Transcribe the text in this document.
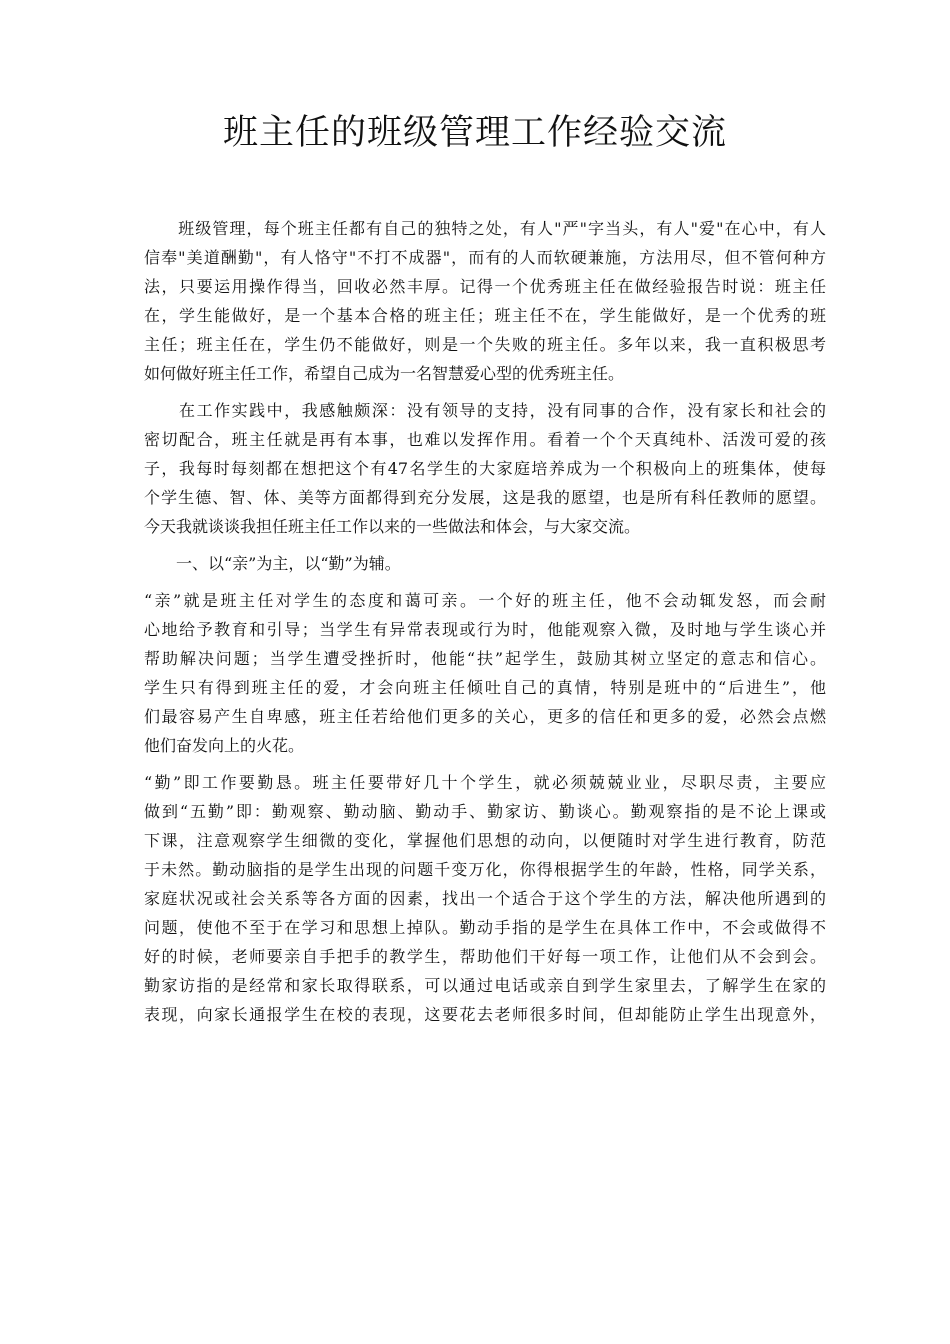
班主任的班级管理工作经验交流
　　班级管理，每个班主任都有自己的独特之处，有人"严"字当头，有人"爱"在心中，有人
信奉"美道酬勤"，有人恪守"不打不成器"，而有的人而软硬兼施，方法用尽，但不管何种方
法，只要运用操作得当，回收必然丰厚。记得一个优秀班主任在做经验报告时说：班主任
在，学生能做好，是一个基本合格的班主任；班主任不在，学生能做好，是一个优秀的班
主任；班主任在，学生仍不能做好，则是一个失败的班主任。多年以来，我一直积极思考
如何做好班主任工作，希望自己成为一名智慧爱心型的优秀班主任。
　　在工作实践中，我感触颇深：没有领导的支持，没有同事的合作，没有家长和社会的
密切配合，班主任就是再有本事，也难以发挥作用。看着一个个天真纯朴、活泼可爱的孩
子，我每时每刻都在想把这个有47名学生的大家庭培养成为一个积极向上的班集体，使每
个学生德、智、体、美等方面都得到充分发展，这是我的愿望，也是所有科任教师的愿望。
今天我就谈谈我担任班主任工作以来的一些做法和体会，与大家交流。
　　一、以“亲”为主，以“勤”为辅。
“亲”就是班主任对学生的态度和蔼可亲。一个好的班主任，他不会动辄发怒，而会耐
心地给予教育和引导；当学生有异常表现或行为时，他能观察入微，及时地与学生谈心并
帮助解决问题；当学生遭受挫折时，他能“扶”起学生，鼓励其树立坚定的意志和信心。
学生只有得到班主任的爱，才会向班主任倾吐自己的真情，特别是班中的“后进生”，他
们最容易产生自卑感，班主任若给他们更多的关心，更多的信任和更多的爱，必然会点燃
他们奋发向上的火花。
“勤”即工作要勤恳。班主任要带好几十个学生，就必须兢兢业业，尽职尽责，主要应
做到“五勤”即：勤观察、勤动脑、勤动手、勤家访、勤谈心。勤观察指的是不论上课或
下课，注意观察学生细微的变化，掌握他们思想的动向，以便随时对学生进行教育，防范
于未然。勤动脑指的是学生出现的问题千变万化，你得根据学生的年龄，性格，同学关系，
家庭状况或社会关系等各方面的因素，找出一个适合于这个学生的方法，解决他所遇到的
问题，使他不至于在学习和思想上掉队。勤动手指的是学生在具体工作中，不会或做得不
好的时候，老师要亲自手把手的教学生，帮助他们干好每一项工作，让他们从不会到会。
勤家访指的是经常和家长取得联系，可以通过电话或亲自到学生家里去，了解学生在家的
表现，向家长通报学生在校的表现，这要花去老师很多时间，但却能防止学生出现意外，
